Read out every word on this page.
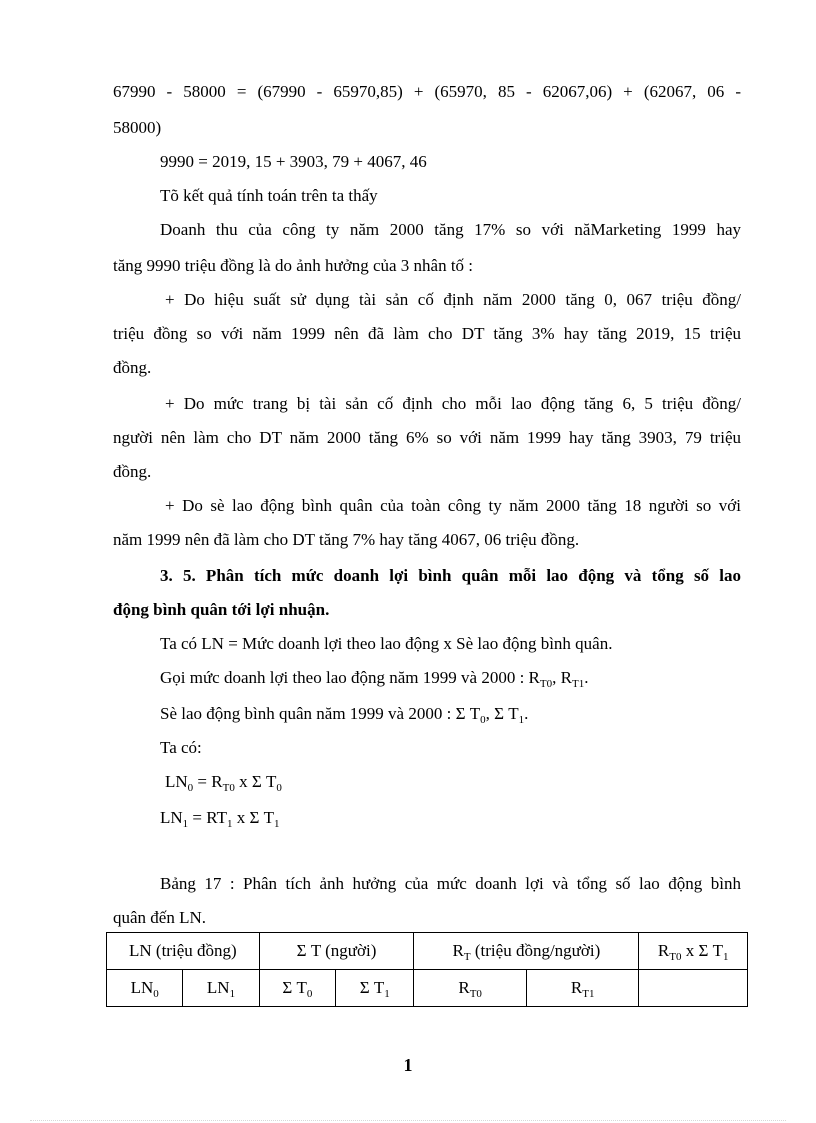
67990 - 58000 = (67990 - 65970,85) + (65970, 85 - 62067,06) + (62067, 06 -
58000)
9990 = 2019, 15 + 3903, 79 + 4067, 46
Tõ kết quả tính toán trên ta thấy
Doanh thu của công ty năm 2000 tăng 17% so với năMarketing 1999 hay
tăng 9990 triệu đồng là do ảnh hưởng của 3 nhân tố :
+ Do hiệu suất sử dụng tài sản cố định năm 2000 tăng 0, 067 triệu đồng/
triệu đồng so với năm 1999 nên đã làm cho DT tăng 3% hay tăng 2019, 15 triệu
đồng.
+ Do mức trang bị tài sản cố định cho mỗi lao động tăng 6, 5 triệu đồng/
người nên làm cho DT năm 2000 tăng 6% so với năm 1999 hay tăng 3903, 79 triệu
đồng.
+ Do sè lao động bình quân của toàn công ty năm 2000 tăng 18 người so với
năm 1999 nên đã làm cho DT tăng 7% hay tăng 4067, 06 triệu đồng.
3. 5. Phân tích mức doanh lợi bình quân mỗi lao động và tổng số lao
động bình quân tới lợi nhuận.
Ta có LN = Mức doanh lợi theo lao động x Sè lao động bình quân.
Gọi mức doanh lợi theo lao động năm 1999 và 2000 : $R_{T0}$, $R_{T1}$.
Sè lao động bình quân năm 1999 và 2000 : Σ $T_0$, Σ $T_1$.
Ta có:
$LN_0 = R_{T0}$ x Σ $T_0$
$LN_1 = RT_1$ x Σ $T_1$
Bảng 17 : Phân tích ảnh hưởng của mức doanh lợi và tổng số lao động bình
quân đến LN.
LN (triệu đồng)		Σ T (người)		$R_T$ (triệu đồng/người)		$R_{T0}$ x Σ $T_1$
$LN_0$	$LN_1$	Σ $T_0$	Σ $T_1$	$R_{T0}$	$R_{T1}$	
1
